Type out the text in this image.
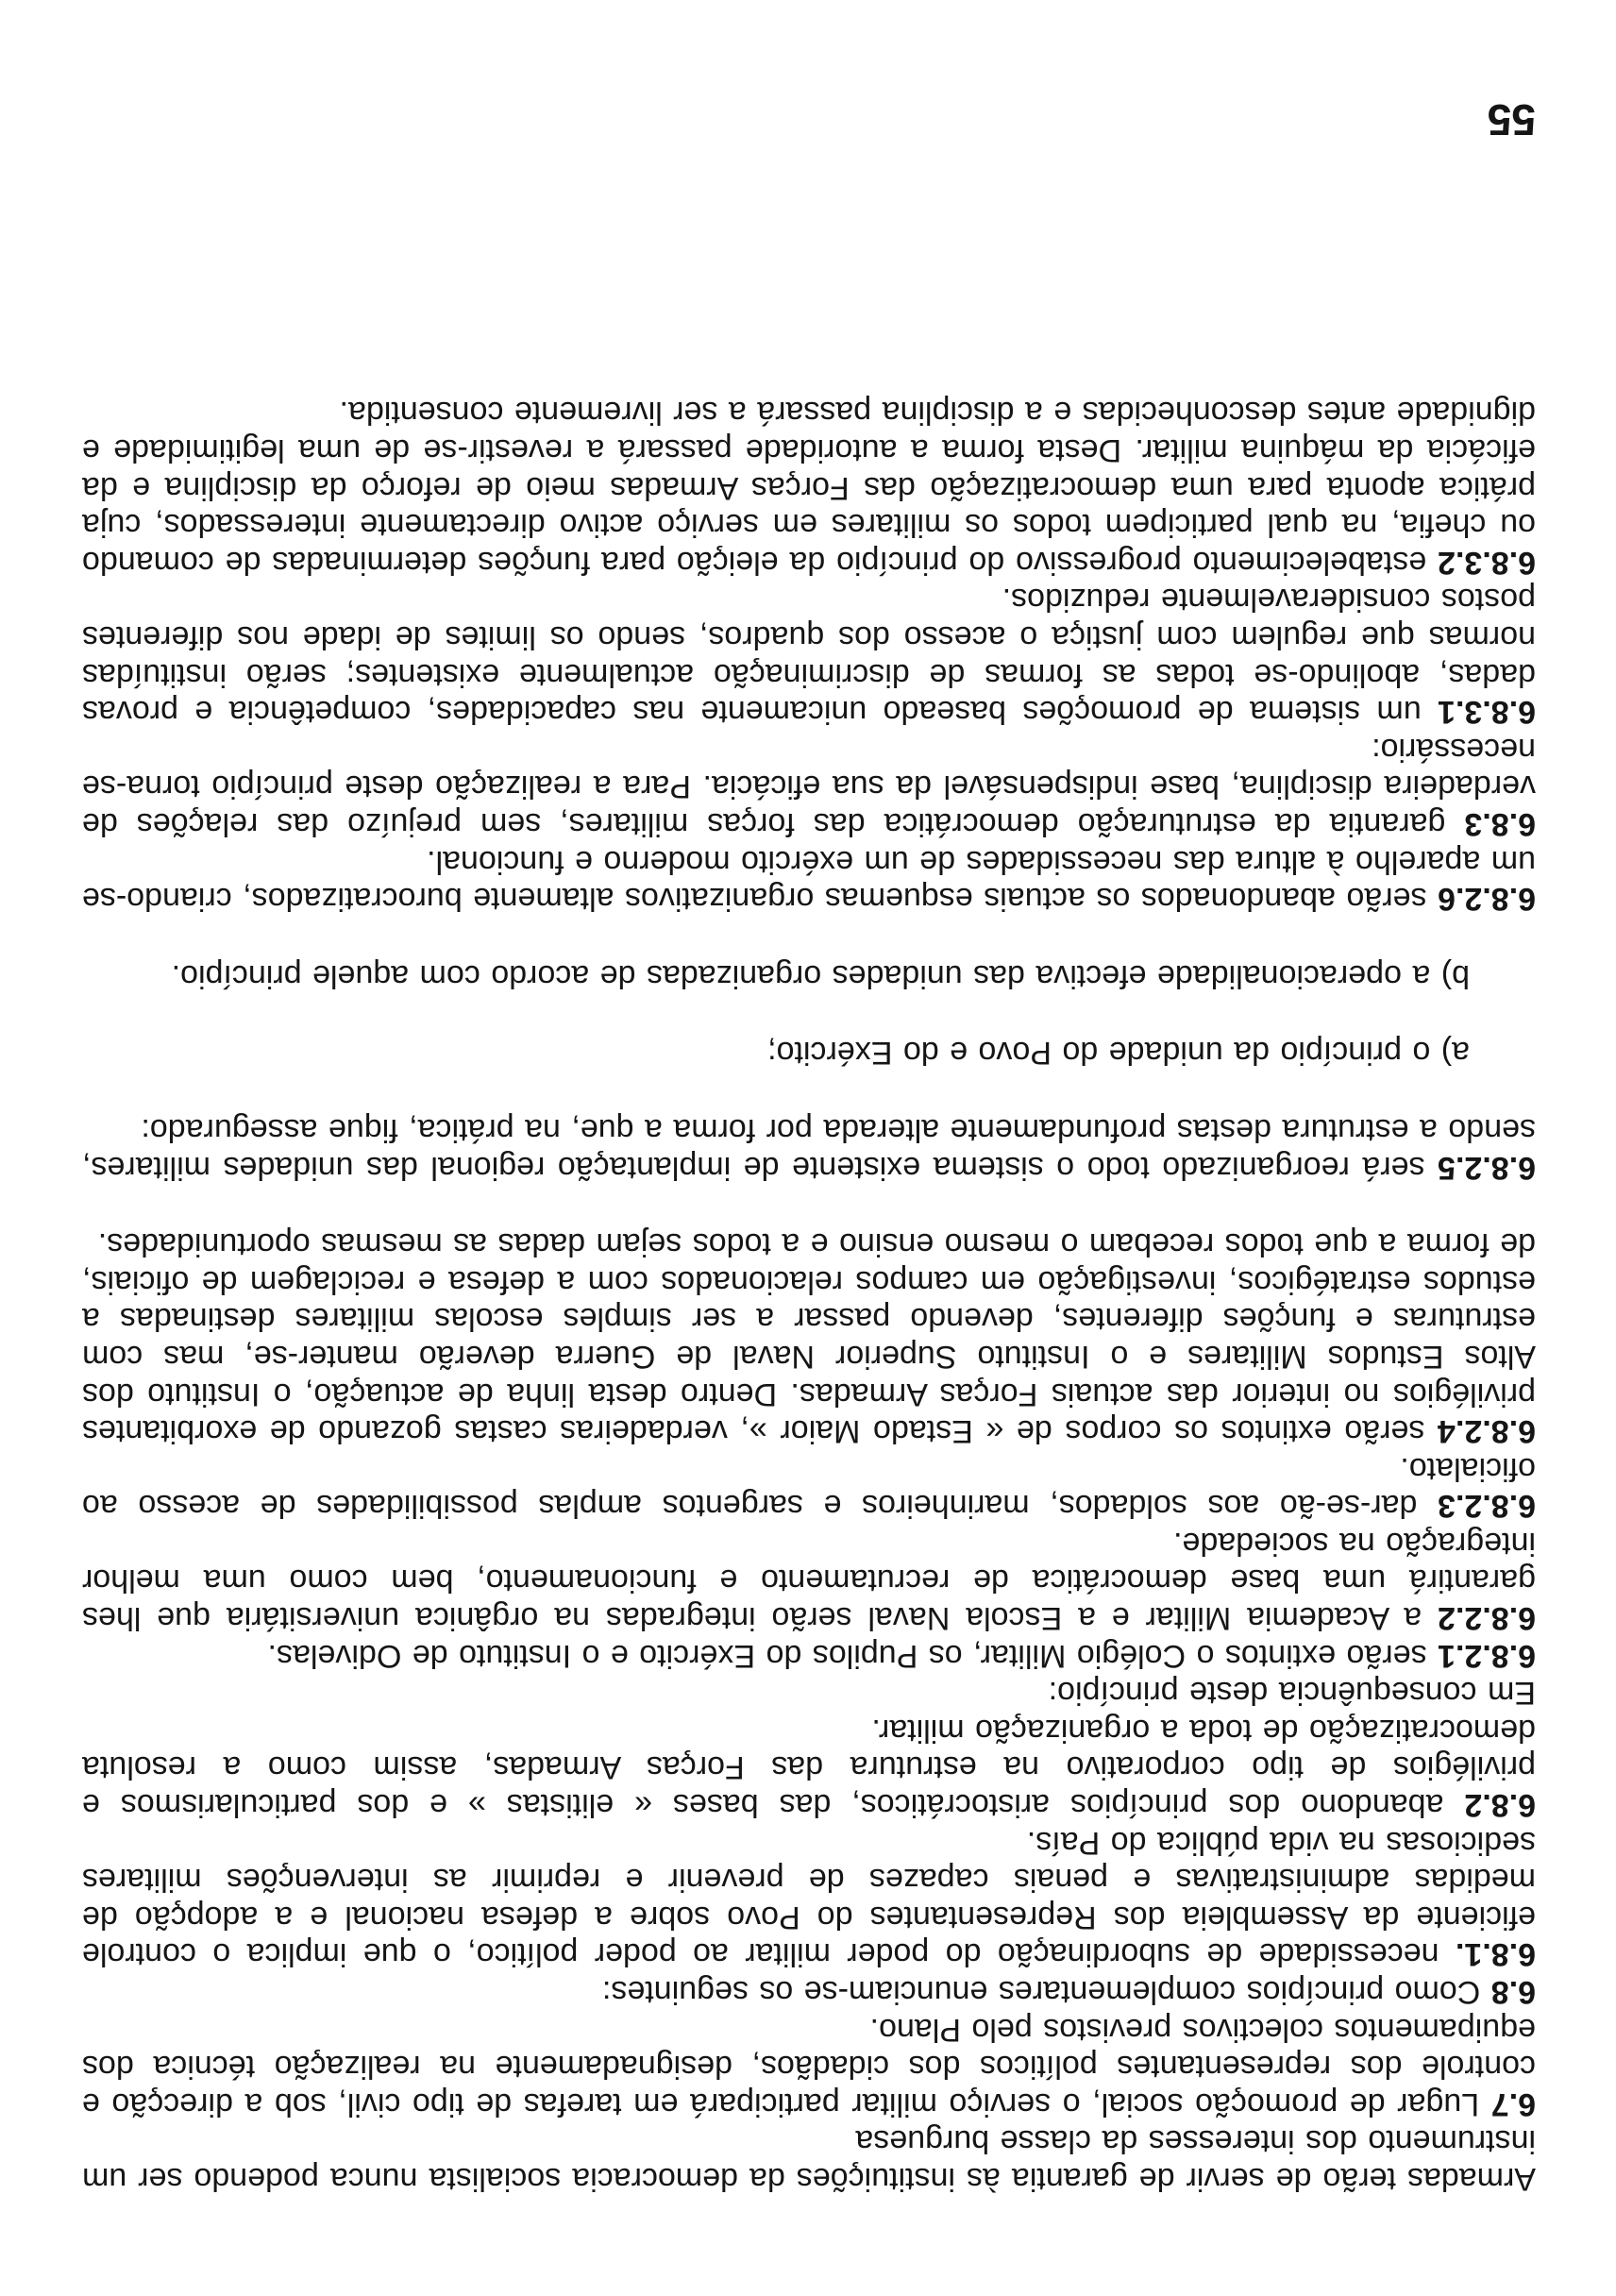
Armadas terão de servir de garantia às instituições da democracia socialista nunca podendo ser um instrumento dos interesses da classe burguesa

6.7 Lugar de promoção social, o serviço militar participará em tarefas de tipo civil, sob a direcção e controle dos representantes políticos dos cidadãos, designadamente na realização técnica dos equipamentos colectivos previstos pelo Plano.

6.8 Como princípios complementares enunciam-se os seguintes:

6.8.1. necessidade de subordinação do poder militar ao poder político, o que implica o controle eficiente da Assembleia dos Representantes do Povo sobre a defesa nacional e a adopção de medidas administrativas e penais capazes de prevenir e reprimir as intervenções militares sediciosas na vida pública do País.

6.8.2 abandono dos princípios aristocráticos, das bases « elitistas » e dos particularismos e privilégios de tipo corporativo na estrutura das Forças Armadas, assim como a resoluta democratização de toda a organização militar.

Em consequência deste princípio:

6.8.2.1 serão extintos o Colégio Militar, os Pupilos do Exército e o Instituto de Odivelas.

6.8.2.2 a Academia Militar e a Escola Naval serão integradas na orgânica universitária que lhes garantirá uma base democrática de recrutamento e funcionamento, bem como uma melhor integração na sociedade.

6.8.2.3 dar-se-ão aos soldados, marinheiros e sargentos amplas possibilidades de acesso ao oficialato.

6.8.2.4 serão extintos os corpos de « Estado Maior », verdadeiras castas gozando de exorbitantes privilégios no interior das actuais Forças Armadas. Dentro desta linha de actuação, o Instituto dos Altos Estudos Militares e o Instituto Superior Naval de Guerra deverão manter-se, mas com estruturas e funções diferentes, devendo passar a ser simples escolas militares destinadas a estudos estratégicos, investigação em campos relacionados com a defesa e reciclagem de oficiais, de forma a que todos recebam o mesmo ensino e a todos sejam dadas as mesmas oportunidades.

6.8.2.5 será reorganizado todo o sistema existente de implantação regional das unidades militares, sendo a estrutura destas profundamente alterada por forma a que, na prática, fique assegurado:

a) o princípio da unidade do Povo e do Exército;

b) a operacionalidade efectiva das unidades organizadas de acordo com aquele princípio.

6.8.2.6 serão abandonados os actuais esquemas organizativos altamente burocratizados, criando-se um aparelho à altura das necessidades de um exército moderno e funcional.

6.8.3 garantia da estruturação democrática das forças militares, sem prejuízo das relações de verdadeira disciplina, base indispensável da sua eficácia. Para a realização deste princípio torna-se necessário:

6.8.3.1 um sistema de promoções baseado unicamente nas capacidades, competência e provas dadas, abolindo-se todas as formas de discriminação actualmente existentes; serão instituídas normas que regulem com justiça o acesso dos quadros, sendo os limites de idade nos diferentes postos consideravelmente reduzidos.

6.8.3.2 estabelecimento progressivo do princípio da eleição para funções determinadas de comando ou chefia, na qual participem todos os militares em serviço activo directamente interessados, cuja prática aponta para uma democratização das Forças Armadas meio de reforço da disciplina e da eficácia da máquina militar. Desta forma a autoridade passará a revestir-se de uma legitimidade e dignidade antes desconhecidas e a disciplina passará a ser livremente consentida.

55
